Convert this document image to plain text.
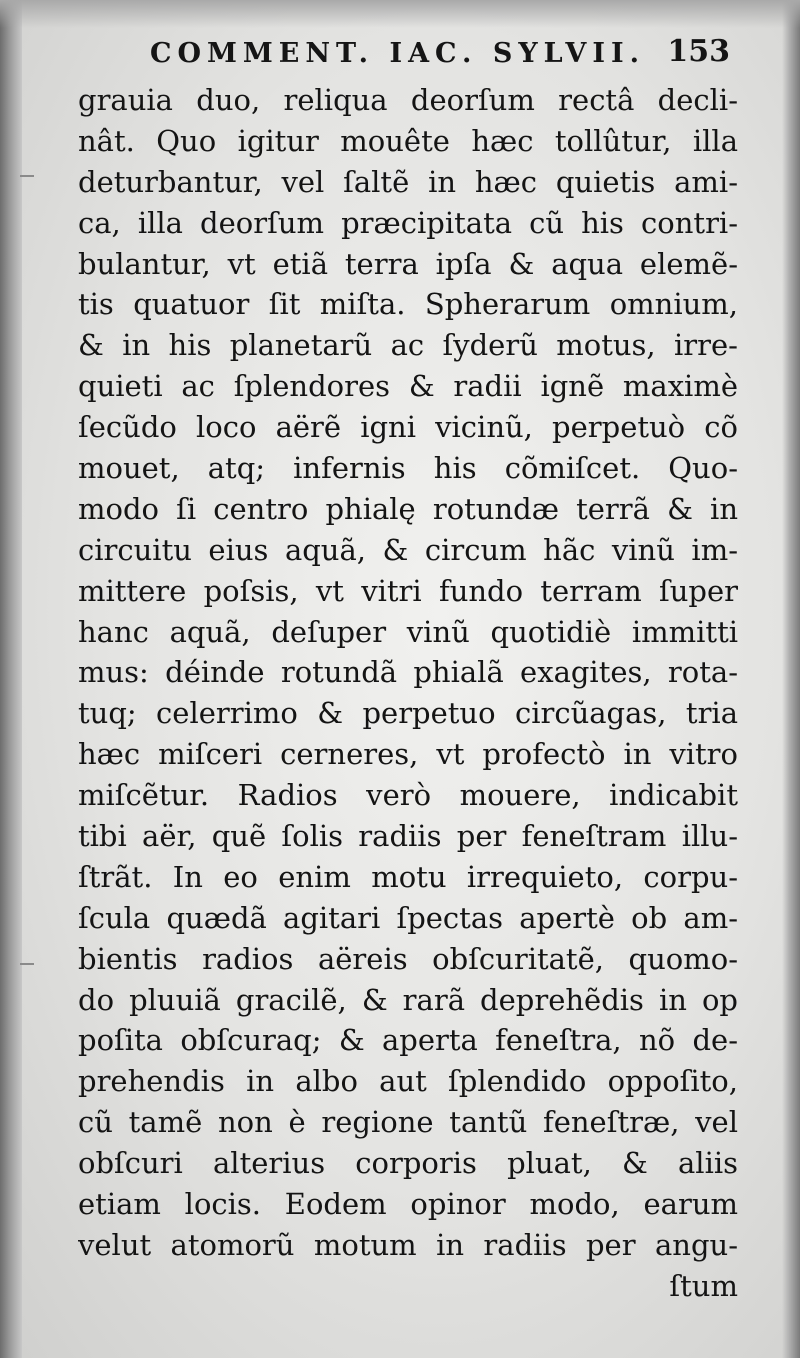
COMMENT. IAC. SYLVII. 153
grauia duo, reliqua deorſum rectâ decli-
nât. Quo igitur mouête hæc tollûtur, illa
deturbantur, vel ſaltẽ in hæc quietis ami-
ca, illa deorſum præcipitata cũ his contri-
bulantur, vt etiã terra ipſa & aqua elemẽ-
tis quatuor ſit miſta. Spherarum omnium,
& in his planetarũ ac ſyderũ motus, irre-
quieti ac ſplendores & radii ignẽ maximè
ſecũdo loco aërẽ igni vicinũ, perpetuò cõ
mouet, atq; infernis his cõmiſcet. Quo-
modo ſi centro phialę rotundæ terrã & in
circuitu eius aquã, & circum hãc vinũ im-
mittere poſsis, vt vitri fundo terram ſuper
hanc aquã, deſuper vinũ quotidiè immitti
mus: déinde rotundã phialã exagites, rota-
tuq; celerrimo & perpetuo circũagas, tria
hæc miſceri cerneres, vt profectò in vitro
miſcẽtur. Radios verò mouere, indicabit
tibi aër, quẽ ſolis radiis per feneſtram illu-
ſtrãt. In eo enim motu irrequieto, corpu-
ſcula quædã agitari ſpectas apertè ob am-
bientis radios aëreis obſcuritatẽ, quomo-
do pluuiã gracilẽ, & rarã deprehẽdis in op
poſita obſcuraq; & aperta feneſtra, nõ de-
prehendis in albo aut ſplendido oppoſito,
cũ tamẽ non è regione tantũ feneſtræ, vel
obſcuri alterius corporis pluat, & aliis
etiam locis. Eodem opinor modo, earum
velut atomorũ motum in radiis per angu-
ſtum
